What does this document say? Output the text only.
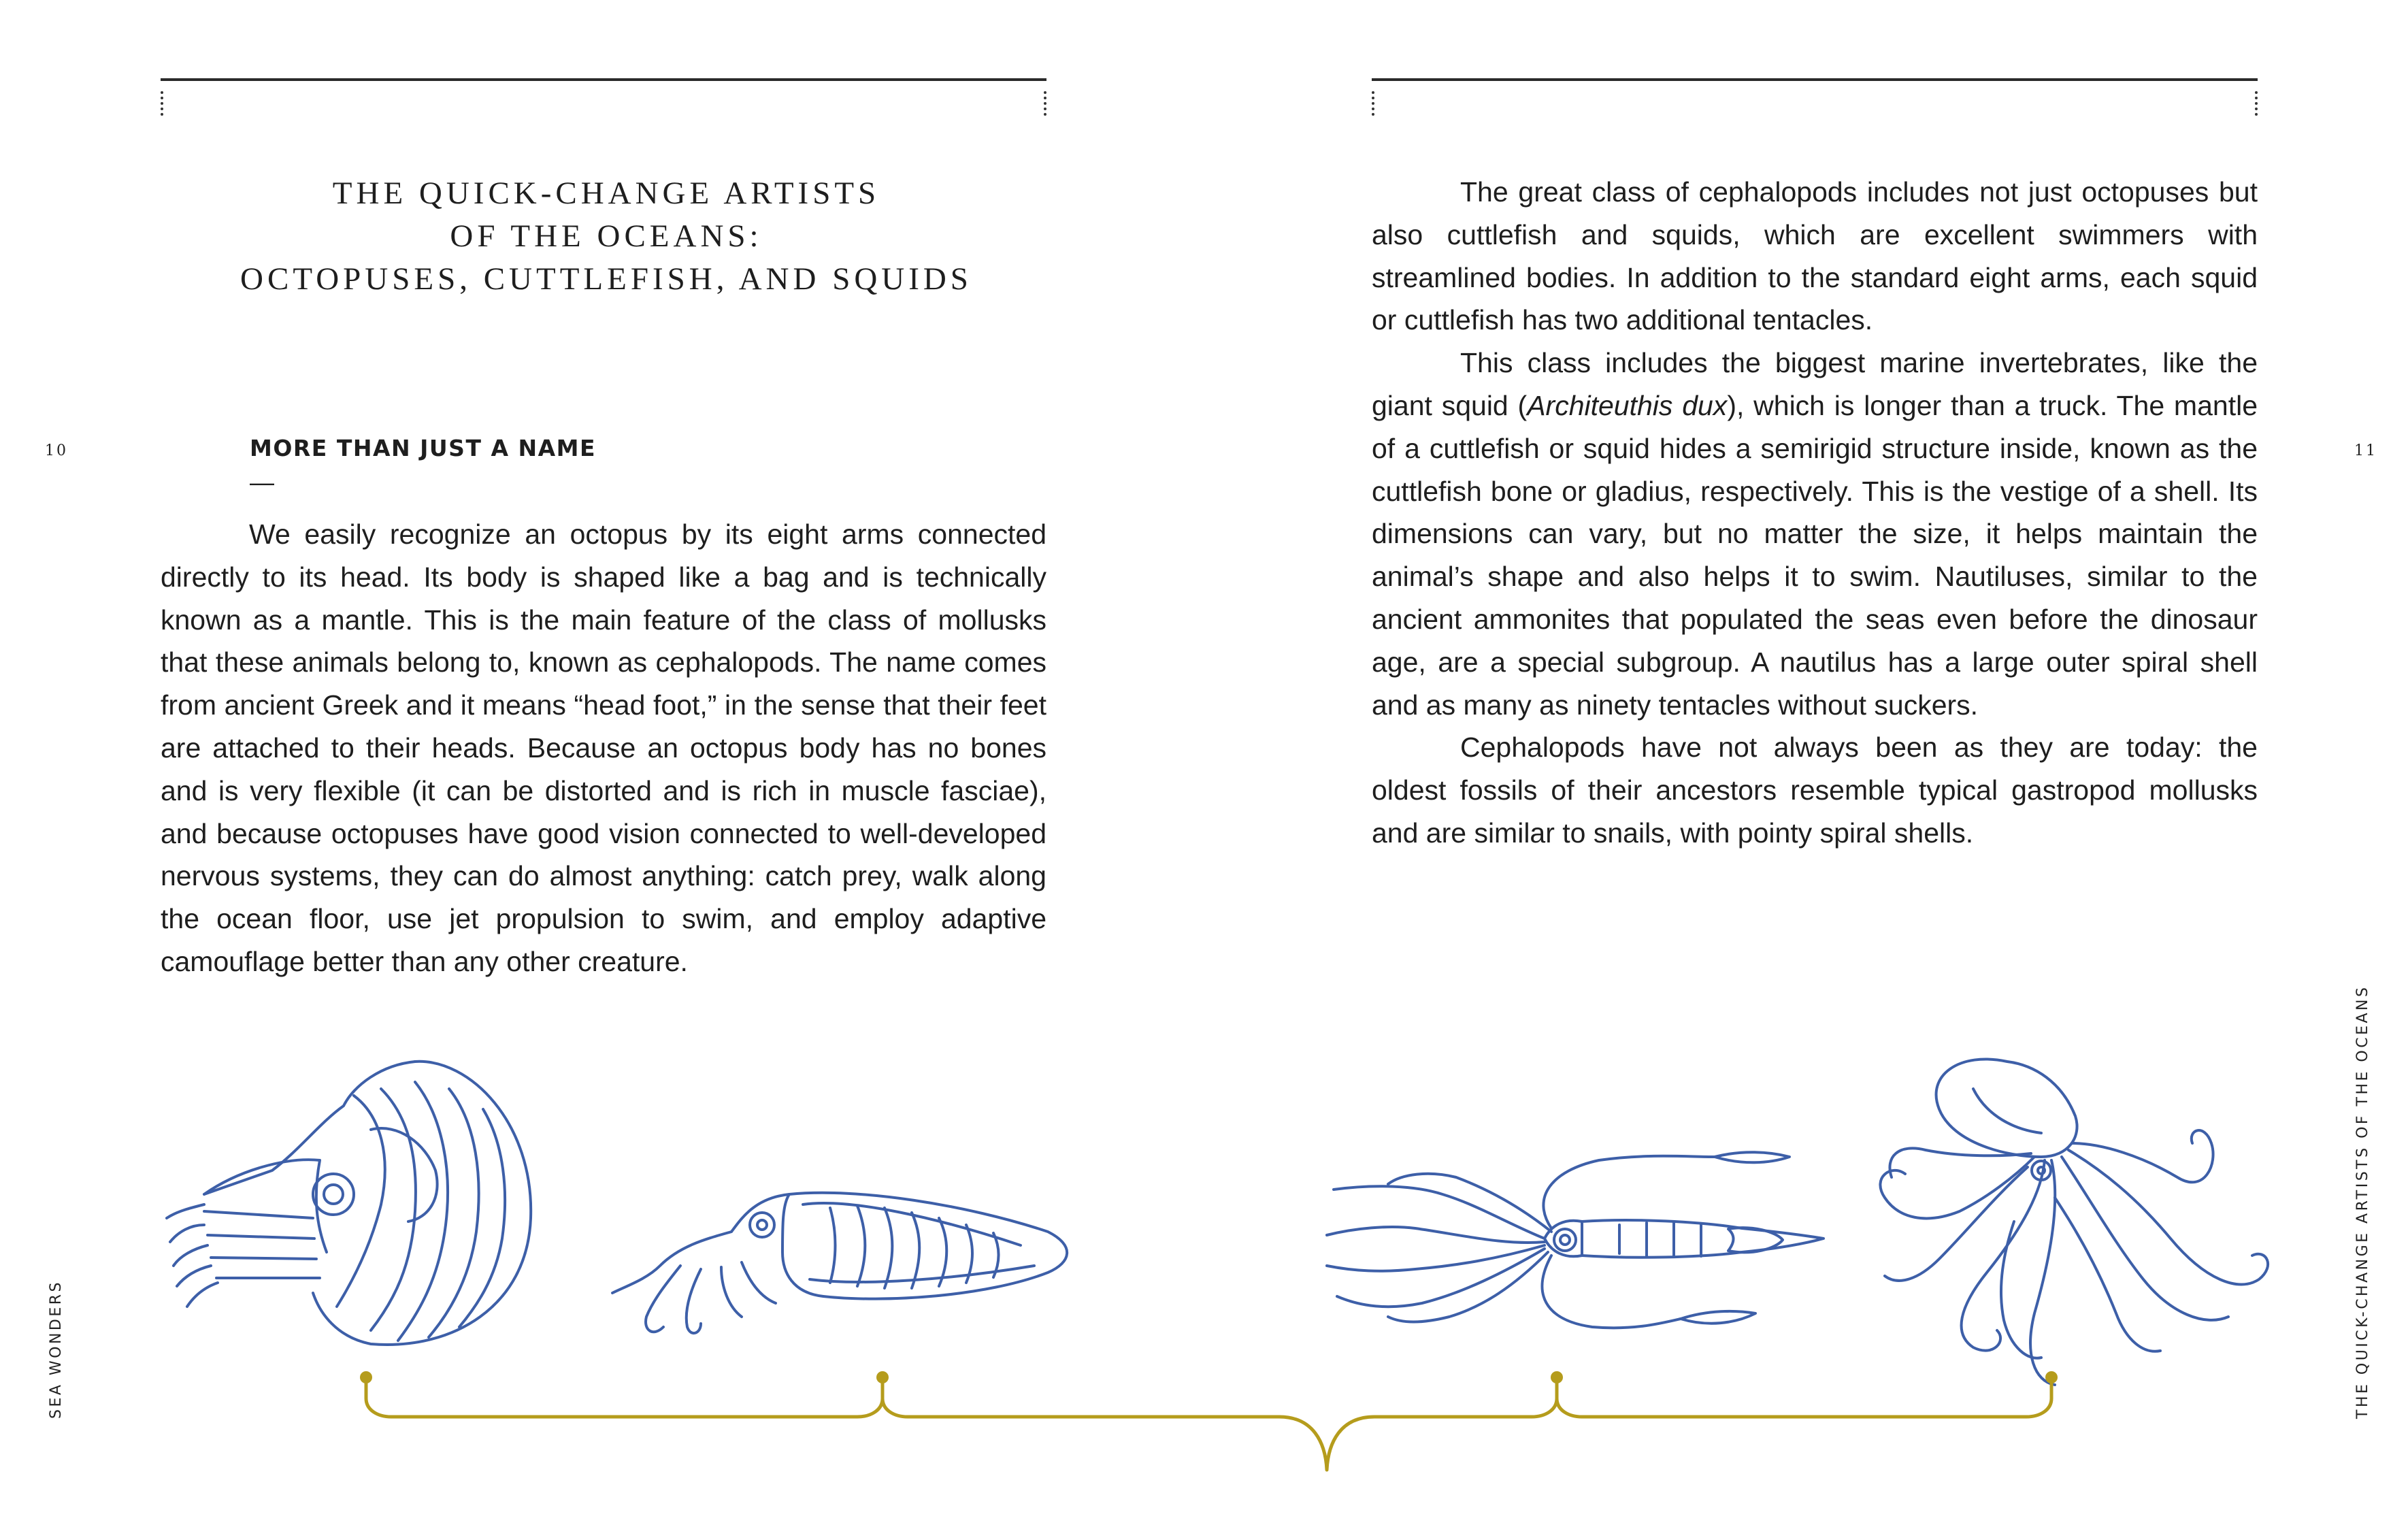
10
THE QUICK-CHANGE ARTISTS
OF THE OCEANS:
OCTOPUSES, CUTTLEFISH, AND SQUIDS
MORE THAN JUST A NAME
—

We easily recognize an octopus by its eight arms connected directly to its head. Its body is shaped like a bag and is technically known as a mantle. This is the main feature of the class of mollusks that these animals belong to, known as cephalopods. The name comes from ancient Greek and it means “head foot,” in the sense that their feet are attached to their heads. Because an octopus body has no bones and is very flexible (it can be distorted and is rich in muscle fasciae), and because octopuses have good vision connected to well-developed nervous systems, they can do almost anything: catch prey, walk along the ocean floor, use jet propulsion to swim, and employ adaptive camouflage better than any other creature.

SEA WONDERS
11

The great class of cephalopods includes not just octopuses but also cuttlefish and squids, which are excellent swimmers with streamlined bodies. In addition to the standard eight arms, each squid or cuttlefish has two additional tentacles.

This class includes the biggest marine invertebrates, like the giant squid (Architeuthis dux), which is longer than a truck. The mantle of a cuttlefish or squid hides a semirigid structure inside, known as the cuttlefish bone or gladius, respectively. This is the vestige of a shell. Its dimensions can vary, but no matter the size, it helps maintain the animal’s shape and also helps it to swim. Nautiluses, similar to the ancient ammonites that populated the seas even before the dinosaur age, are a special subgroup. A nautilus has a large outer spiral shell and as many as ninety tentacles without suckers.

Cephalopods have not always been as they are today: the oldest fossils of their ancestors resemble typical gastropod mollusks and are similar to snails, with pointy spiral shells.

THE QUICK-CHANGE ARTISTS OF THE OCEANS
